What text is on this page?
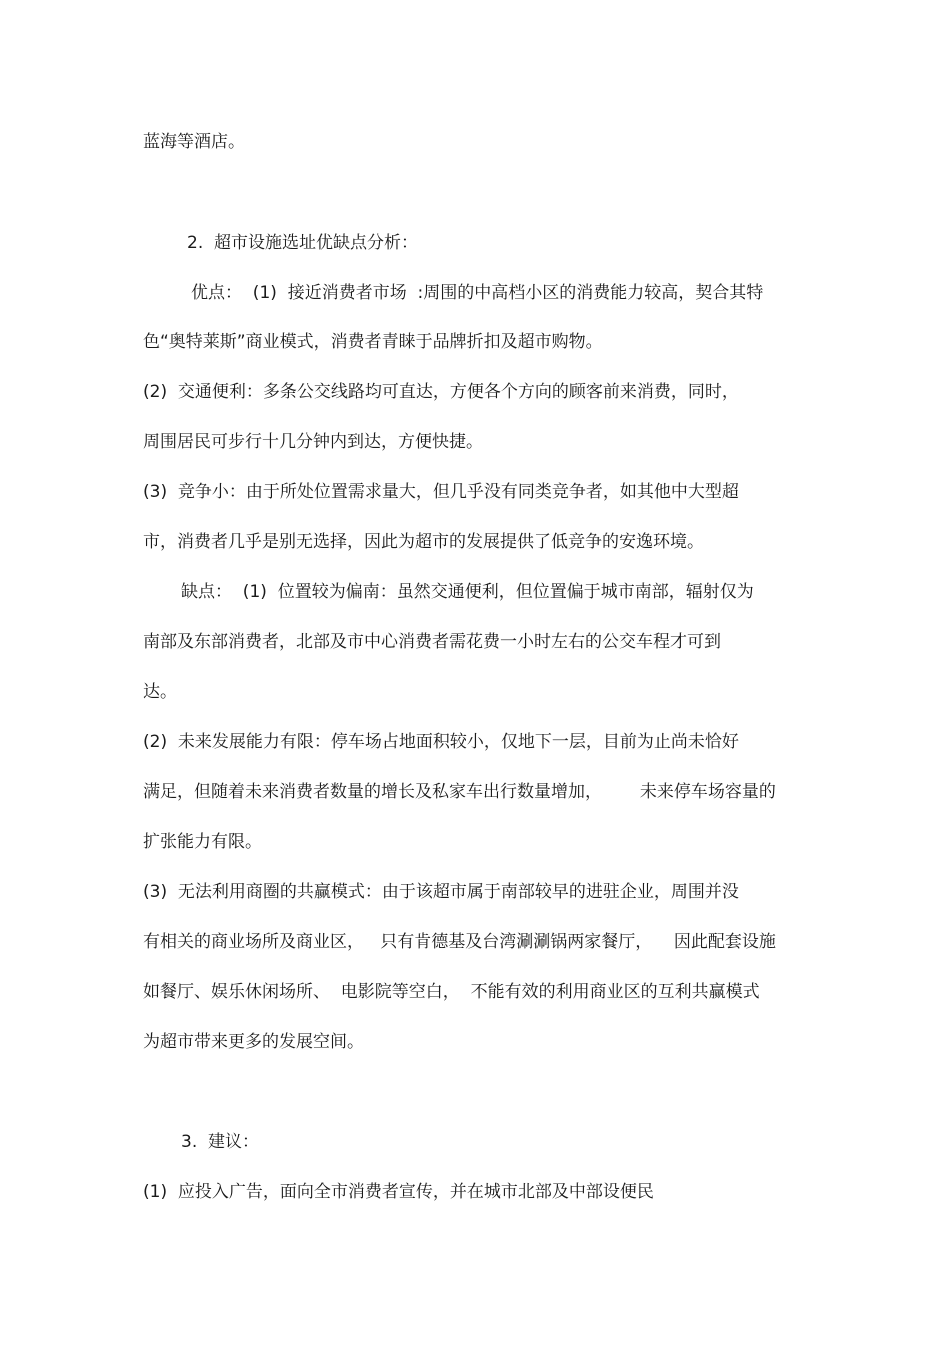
蓝海等酒店。

2.  超市设施选址优缺点分析：

优点：  (1)  接近消费者市场  :周围的中高档小区的消费能力较高，契合其特

色“奥特莱斯”商业模式，消费者青睐于品牌折扣及超市购物。

(2)  交通便利：多条公交线路均可直达，方便各个方向的顾客前来消费，同时，

周围居民可步行十几分钟内到达，方便快捷。

(3)  竞争小：由于所处位置需求量大，但几乎没有同类竞争者，如其他中大型超

市，消费者几乎是别无选择，因此为超市的发展提供了低竞争的安逸环境。

缺点：  (1)  位置较为偏南：虽然交通便利，但位置偏于城市南部，辐射仅为

南部及东部消费者，北部及市中心消费者需花费一小时左右的公交车程才可到

达。

(2)  未来发展能力有限：停车场占地面积较小，仅地下一层，目前为止尚未恰好

满足，但随着未来消费者数量的增长及私家车出行数量增加，       未来停车场容量的

扩张能力有限。

(3)  无法利用商圈的共赢模式：由于该超市属于南部较早的进驻企业，周围并没

有相关的商业场所及商业区，   只有肯德基及台湾涮涮锅两家餐厅，    因此配套设施

如餐厅、娱乐休闲场所、  电影院等空白，  不能有效的利用商业区的互利共赢模式

为超市带来更多的发展空间。

3.  建议：

(1)  应投入广告，面向全市消费者宣传，并在城市北部及中部设便民
